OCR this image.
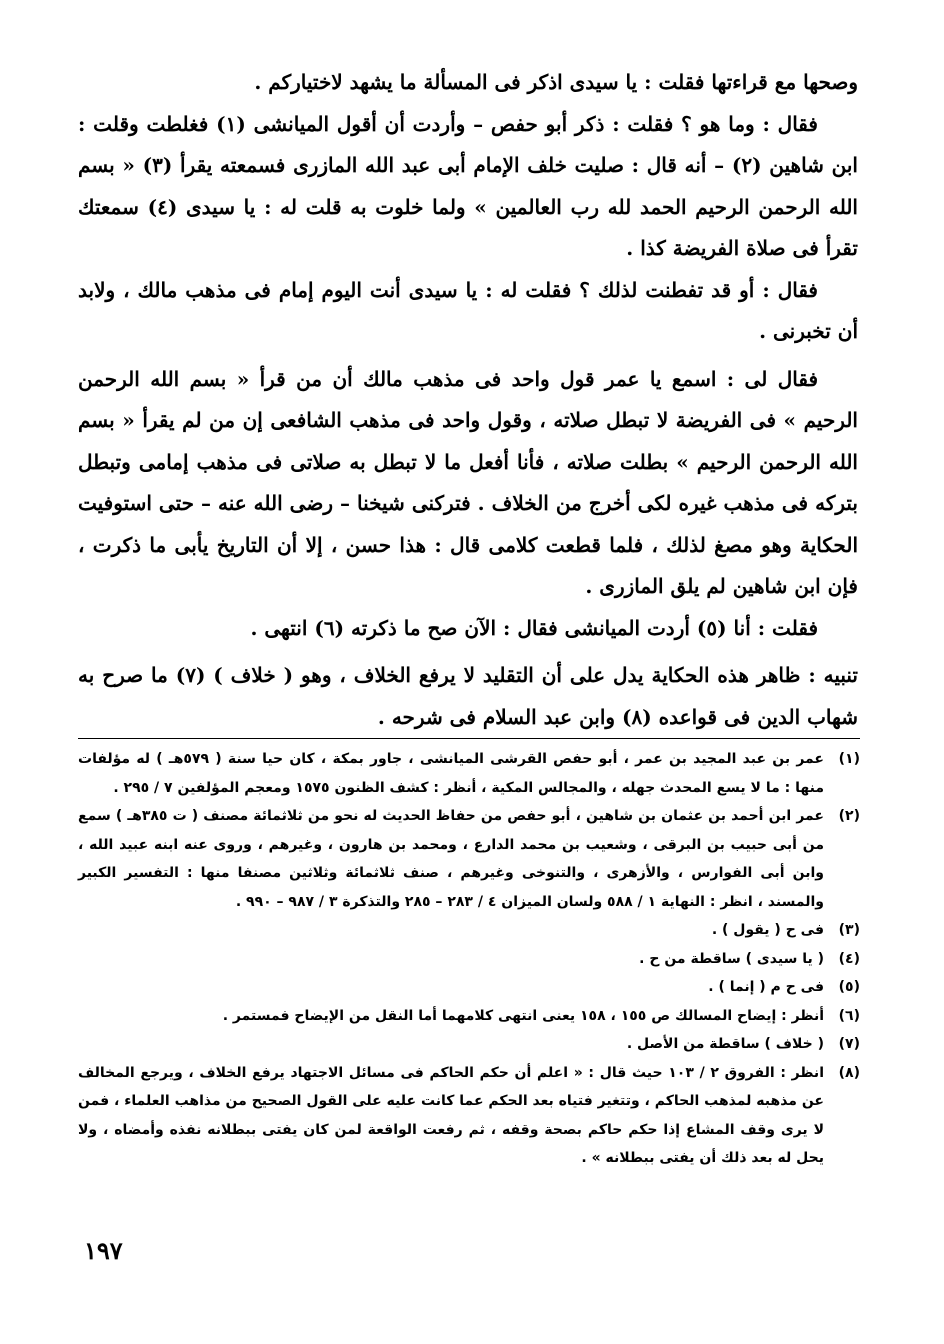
وصحها مع قراءتها فقلت : يا سيدى اذكر فى المسألة ما يشهد لاختياركم .

فقال : وما هو ؟ فقلت : ذكر أبو حفص – وأردت أن أقول الميانشى (١) فغلطت وقلت : ابن شاهين (٢) – أنه قال : صليت خلف الإمام أبى عبد الله المازرى فسمعته يقرأ (٣) « بسم الله الرحمن الرحيم الحمد لله رب العالمين » ولما خلوت به قلت له : يا سيدى (٤) سمعتك تقرأ فى صلاة الفريضة كذا .

فقال : أو قد تفطنت لذلك ؟ فقلت له : يا سيدى أنت اليوم إمام فى مذهب مالك ، ولابد أن تخبرنى .

فقال لى : اسمع يا عمر قول واحد فى مذهب مالك أن من قرأ « بسم الله الرحمن الرحيم » فى الفريضة لا تبطل صلاته ، وقول واحد فى مذهب الشافعى إن من لم يقرأ « بسم الله الرحمن الرحيم » بطلت صلاته ، فأنا أفعل ما لا تبطل به صلاتى فى مذهب إمامى وتبطل بتركه فى مذهب غيره لكى أخرج من الخلاف . فتركنى شيخنا – رضى الله عنه – حتى استوفيت الحكاية وهو مصغ لذلك ، فلما قطعت كلامى قال : هذا حسن ، إلا أن التاريخ يأبى ما ذكرت ، فإن ابن شاهين لم يلق المازرى .

فقلت : أنا (٥) أردت الميانشى فقال : الآن صح ما ذكرته (٦) انتهى .

تنبيه : ظاهر هذه الحكاية يدل على أن التقليد لا يرفع الخلاف ، وهو ( خلاف ) (٧) ما صرح به شهاب الدين فى قواعده (٨) وابن عبد السلام فى شرحه .

(١)
عمر بن عبد المجيد بن عمر ، أبو حفص القرشى الميانشى ، جاور بمكة ، كان حيا سنة ( ٥٧٩هـ ) له مؤلفات منها : ما لا يسع المحدث جهله ، والمجالس المكية ، أنظر : كشف الظنون ١٥٧٥ ومعجم المؤلفين ٧ / ٢٩٥ .
(٢)
عمر ابن أحمد بن عثمان بن شاهين ، أبو حفص من حفاظ الحديث له نحو من ثلاثمائة مصنف ( ت ٣٨٥هـ ) سمع من أبى حبيب بن البرقى ، وشعيب بن محمد الدارع ، ومحمد بن هارون ، وغيرهم ، وروى عنه ابنه عبيد الله ، وابن أبى الفوارس ، والأزهرى ، والتنوخى وغيرهم ، صنف ثلاثمائة وثلاثين مصنفا منها : التفسير الكبير والمسند ، انظر : النهاية ١ / ٥٨٨ ولسان الميزان ٤ / ٢٨٣ – ٢٨٥ والتذكرة ٣ / ٩٨٧ – ٩٩٠ .
(٣)
فى ح ( يقول ) .
(٤)
( يا سيدى ) ساقطة من ح .
(٥)
فى ح م ( إنما ) .
(٦)
أنظر : إيضاح المسالك ص ١٥٥ ، ١٥٨ يعنى انتهى كلامهما أما النقل من الإيضاح فمستمر .
(٧)
( خلاف ) ساقطة من الأصل .
(٨)
انظر : الفروق ٢ / ١٠٣ حيث قال : « اعلم أن حكم الحاكم فى مسائل الاجتهاد يرفع الخلاف ، ويرجع المخالف عن مذهبه لمذهب الحاكم ، وتتغير فتياه بعد الحكم عما كانت عليه على القول الصحيح من مذاهب العلماء ، فمن لا يرى وقف المشاع إذا حكم حاكم بصحة وقفه ، ثم رفعت الواقعة لمن كان يفتى ببطلانه نفذه وأمضاه ، ولا يحل له بعد ذلك أن يفتى ببطلانه » .
١٩٧
